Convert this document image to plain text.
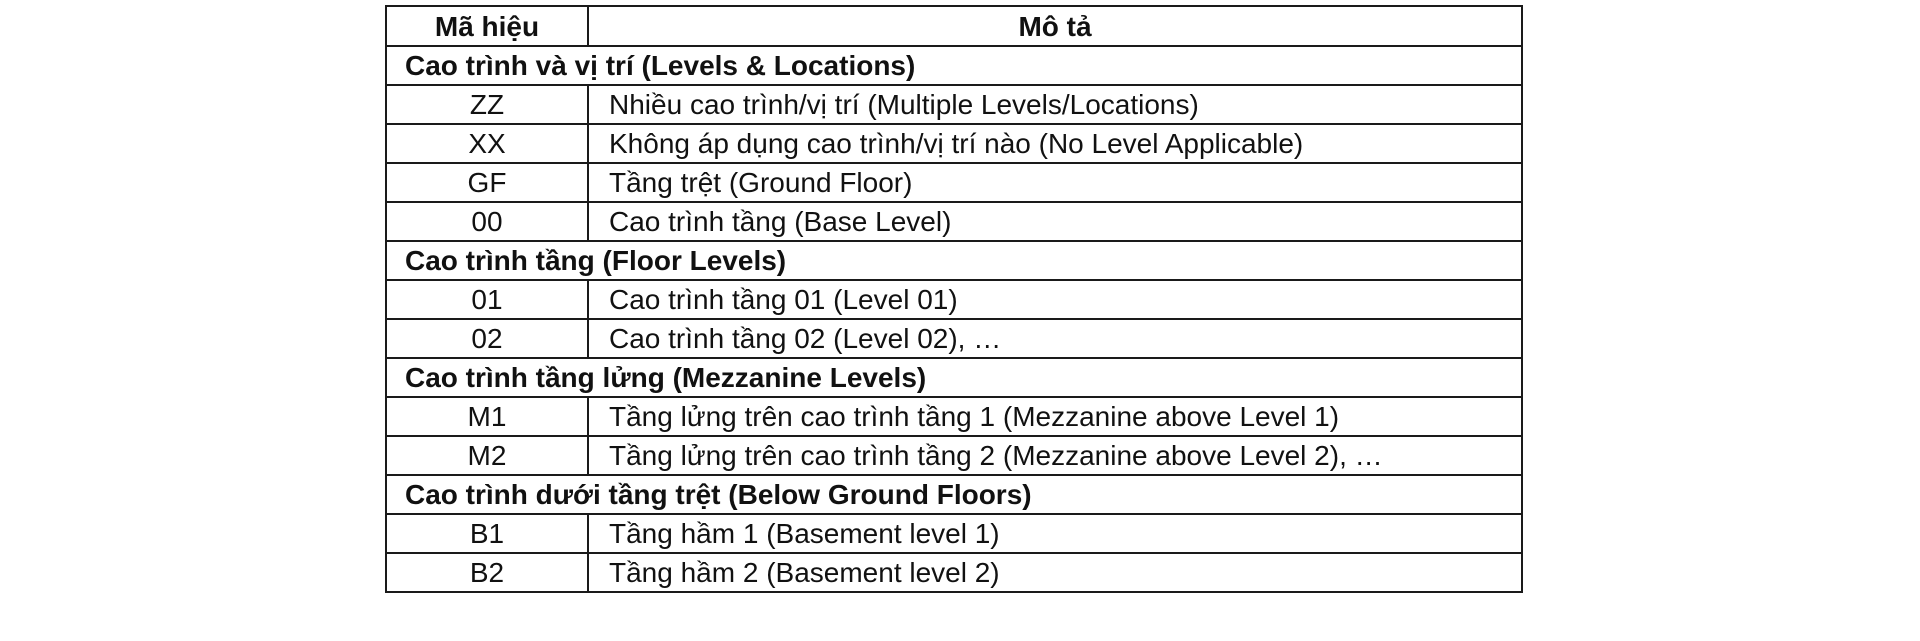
Mã hiệu	Mô tả
Cao trình và vị trí (Levels & Locations)	
ZZ	Nhiều cao trình/vị trí (Multiple Levels/Locations)
XX	Không áp dụng cao trình/vị trí nào (No Level Applicable)
GF	Tầng trệt (Ground Floor)
00	Cao trình tầng (Base Level)
Cao trình tầng (Floor Levels)	
01	Cao trình tầng 01 (Level 01)
02	Cao trình tầng 02 (Level 02), …
Cao trình tầng lửng (Mezzanine Levels)	
M1	Tầng lửng trên cao trình tầng 1 (Mezzanine above Level 1)
M2	Tầng lửng trên cao trình tầng 2 (Mezzanine above Level 2), …
Cao trình dưới tầng trệt (Below Ground Floors)	
B1	Tầng hầm 1 (Basement level 1)
B2	Tầng hầm 2 (Basement level 2)
